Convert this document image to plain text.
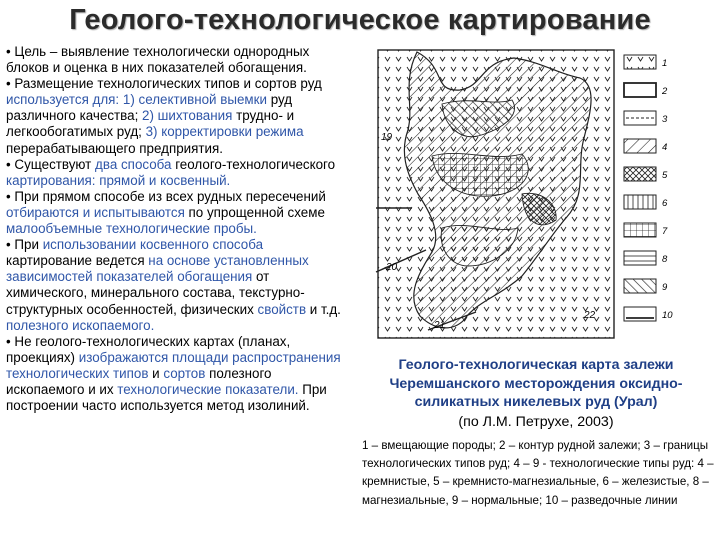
Геолого-технологическое картирование

• Цель – выявление технологически однородных блоков и оценка в них показателей обогащения.

• Размещение технологических типов и сортов руд используется для: 1) селективной выемки руд различного качества; 2) шихтования трудно- и легкообогатимых руд; 3) корректировки режима перерабатывающего предприятия.

• Существуют два способа геолого-технологического картирования: прямой и косвенный.

• При прямом способе из всех рудных пересечений отбираются и испытываются по упрощенной схеме малообъемные технологические пробы.

• При использовании косвенного способа картирование ведется на основе установленных зависимостей показателей обогащения от химического, минерального состава, текстурно-структурных особенностей, физических свойств и т.д. полезного ископаемого.

• Не геолого-технологических картах (планах, проекциях) изображаются площади распространения технологических типов и сортов полезного ископаемого и их технологические показатели. При построении часто используется метод изолиний.

19
20
21
22
1
2
3
4
5
6
7
8
9
10
Геолого-технологическая карта залежи Черемшанского месторождения оксидно-силикатных никелевых руд (Урал)
(по Л.М. Петрухе, 2003)
1 – вмещающие породы; 2 – контур рудной залежи; 3 – границы технологических типов руд; 4 – 9 - технологические типы руд: 4 – кремнистые, 5 – кремнисто-магнезиальные, 6 – железистые, 8 – магнезиальные, 9 – нормальные; 10 – разведочные линии
